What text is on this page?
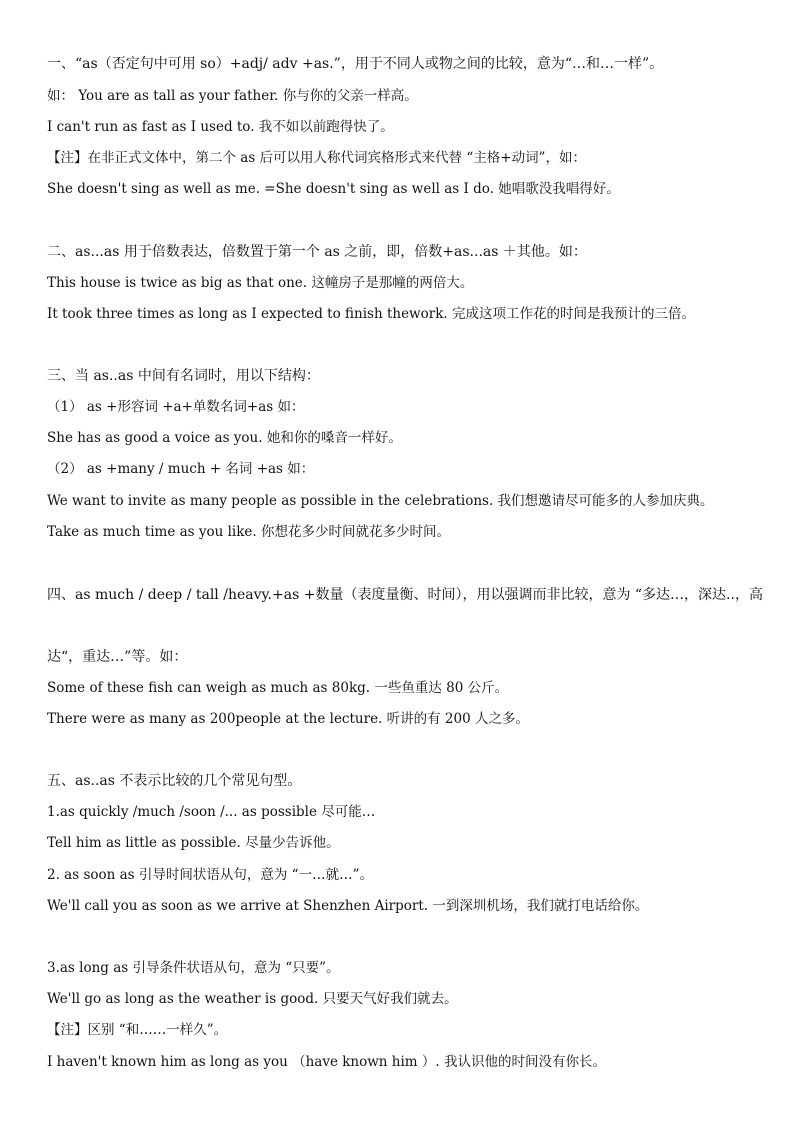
一、“as（否定句中可用 so）+adj/ adv +as.”，用于不同人或物之间的比较，意为“…和…一样”。
如： You are as tall as your father. 你与你的父亲一样高。
I can't run as fast as I used to. 我不如以前跑得快了。
【注】在非正式文体中，第二个 as 后可以用人称代词宾格形式来代替 “主格+动词”，如：
She doesn't sing as well as me. =She doesn't sing as well as I do. 她唱歌没我唱得好。
二、as...as 用于倍数表达，倍数置于第一个 as 之前，即，倍数+as...as ＋其他。如：
This house is twice as big as that one. 这幢房子是那幢的两倍大。
It took three times as long as I expected to finish thework. 完成这项工作花的时间是我预计的三倍。
三、当 as..as 中间有名词时，用以下结构：
（1） as +形容词 +a+单数名词+as 如：
She has as good a voice as you. 她和你的嗓音一样好。
（2） as +many / much + 名词 +as 如：
We want to invite as many people as possible in the celebrations. 我们想邀请尽可能多的人参加庆典。
Take as much time as you like. 你想花多少时间就花多少时间。
四、as much / deep / tall /heavy.+as +数量（表度量衡、时间），用以强调而非比较，意为 “多达…，深达..，高
达“，重达…”等。如：
Some of these fish can weigh as much as 80kg. 一些鱼重达 80 公斤。
There were as many as 200people at the lecture. 听讲的有 200 人之多。
五、as..as 不表示比较的几个常见句型。
1.as quickly /much /soon /... as possible 尽可能…
Tell him as little as possible. 尽量少告诉他。
2. as soon as 引导时间状语从句，意为 “一…就…”。
We'll call you as soon as we arrive at Shenzhen Airport. 一到深圳机场，我们就打电话给你。
3.as long as 引导条件状语从句，意为 “只要”。
We'll go as long as the weather is good. 只要天气好我们就去。
【注】区别 “和……一样久”。
I haven't known him as long as you （have known him ）. 我认识他的时间没有你长。
